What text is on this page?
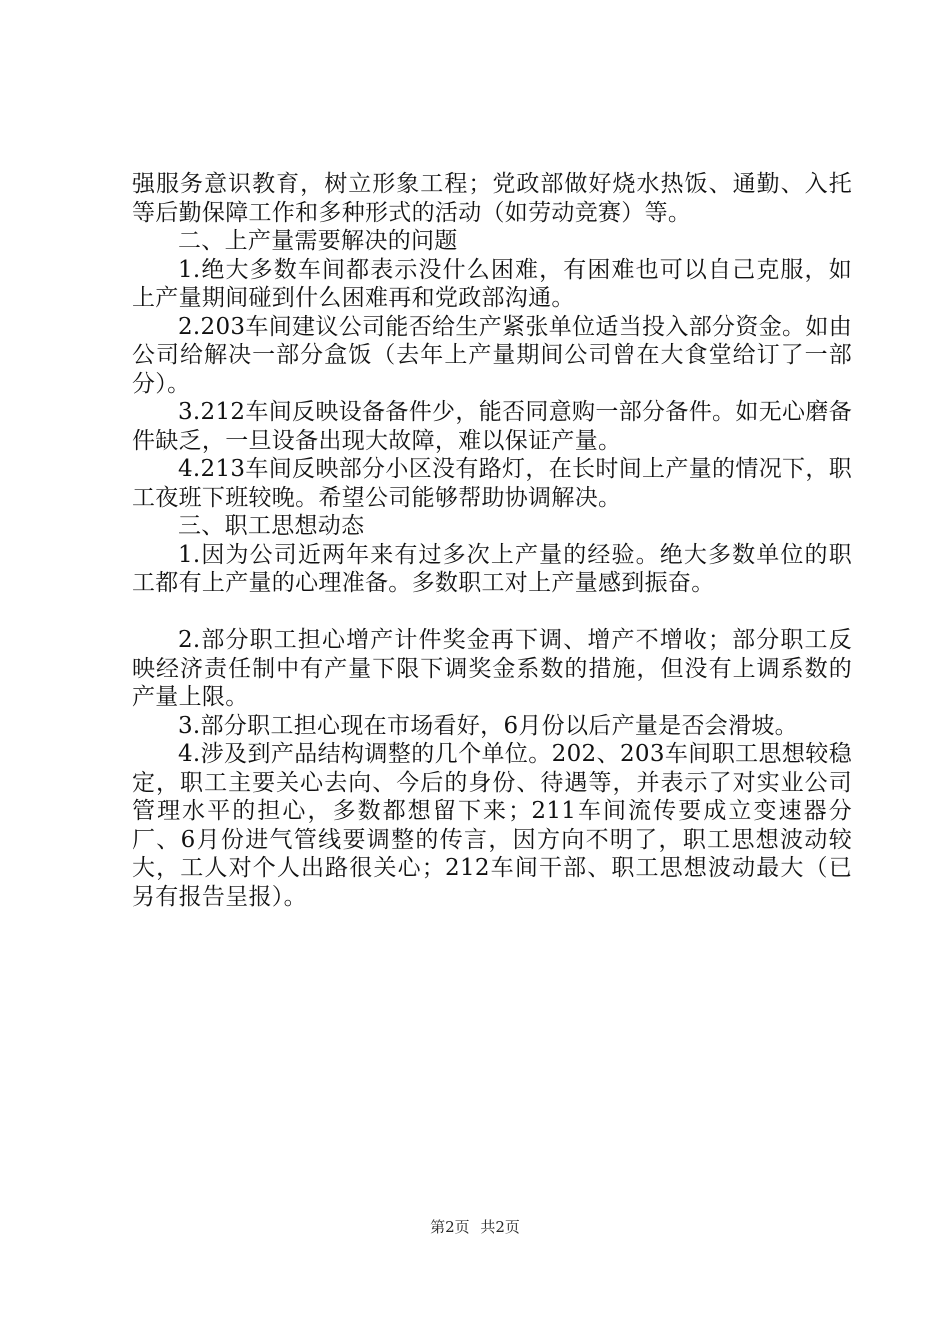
强服务意识教育，树立形象工程；党政部做好烧水热饭、通勤、入托等后勤保障工作和多种形式的活动（如劳动竞赛）等。

二、上产量需要解决的问题

1.绝大多数车间都表示没什么困难，有困难也可以自己克服，如上产量期间碰到什么困难再和党政部沟通。

2.203车间建议公司能否给生产紧张单位适当投入部分资金。如由公司给解决一部分盒饭（去年上产量期间公司曾在大食堂给订了一部分）。

3.212车间反映设备备件少，能否同意购一部分备件。如无心磨备件缺乏，一旦设备出现大故障，难以保证产量。

4.213车间反映部分小区没有路灯，在长时间上产量的情况下，职工夜班下班较晚。希望公司能够帮助协调解决。

三、职工思想动态

1.因为公司近两年来有过多次上产量的经验。绝大多数单位的职工都有上产量的心理准备。多数职工对上产量感到振奋。

2.部分职工担心增产计件奖金再下调、增产不增收；部分职工反映经济责任制中有产量下限下调奖金系数的措施，但没有上调系数的产量上限。

3.部分职工担心现在市场看好，6月份以后产量是否会滑坡。

4.涉及到产品结构调整的几个单位。202、203车间职工思想较稳定，职工主要关心去向、今后的身份、待遇等，并表示了对实业公司管理水平的担心，多数都想留下来；211车间流传要成立变速器分厂、6月份进气管线要调整的传言，因方向不明了，职工思想波动较大，工人对个人出路很关心；212车间干部、职工思想波动最大（已另有报告呈报）。

第2页 共2页
